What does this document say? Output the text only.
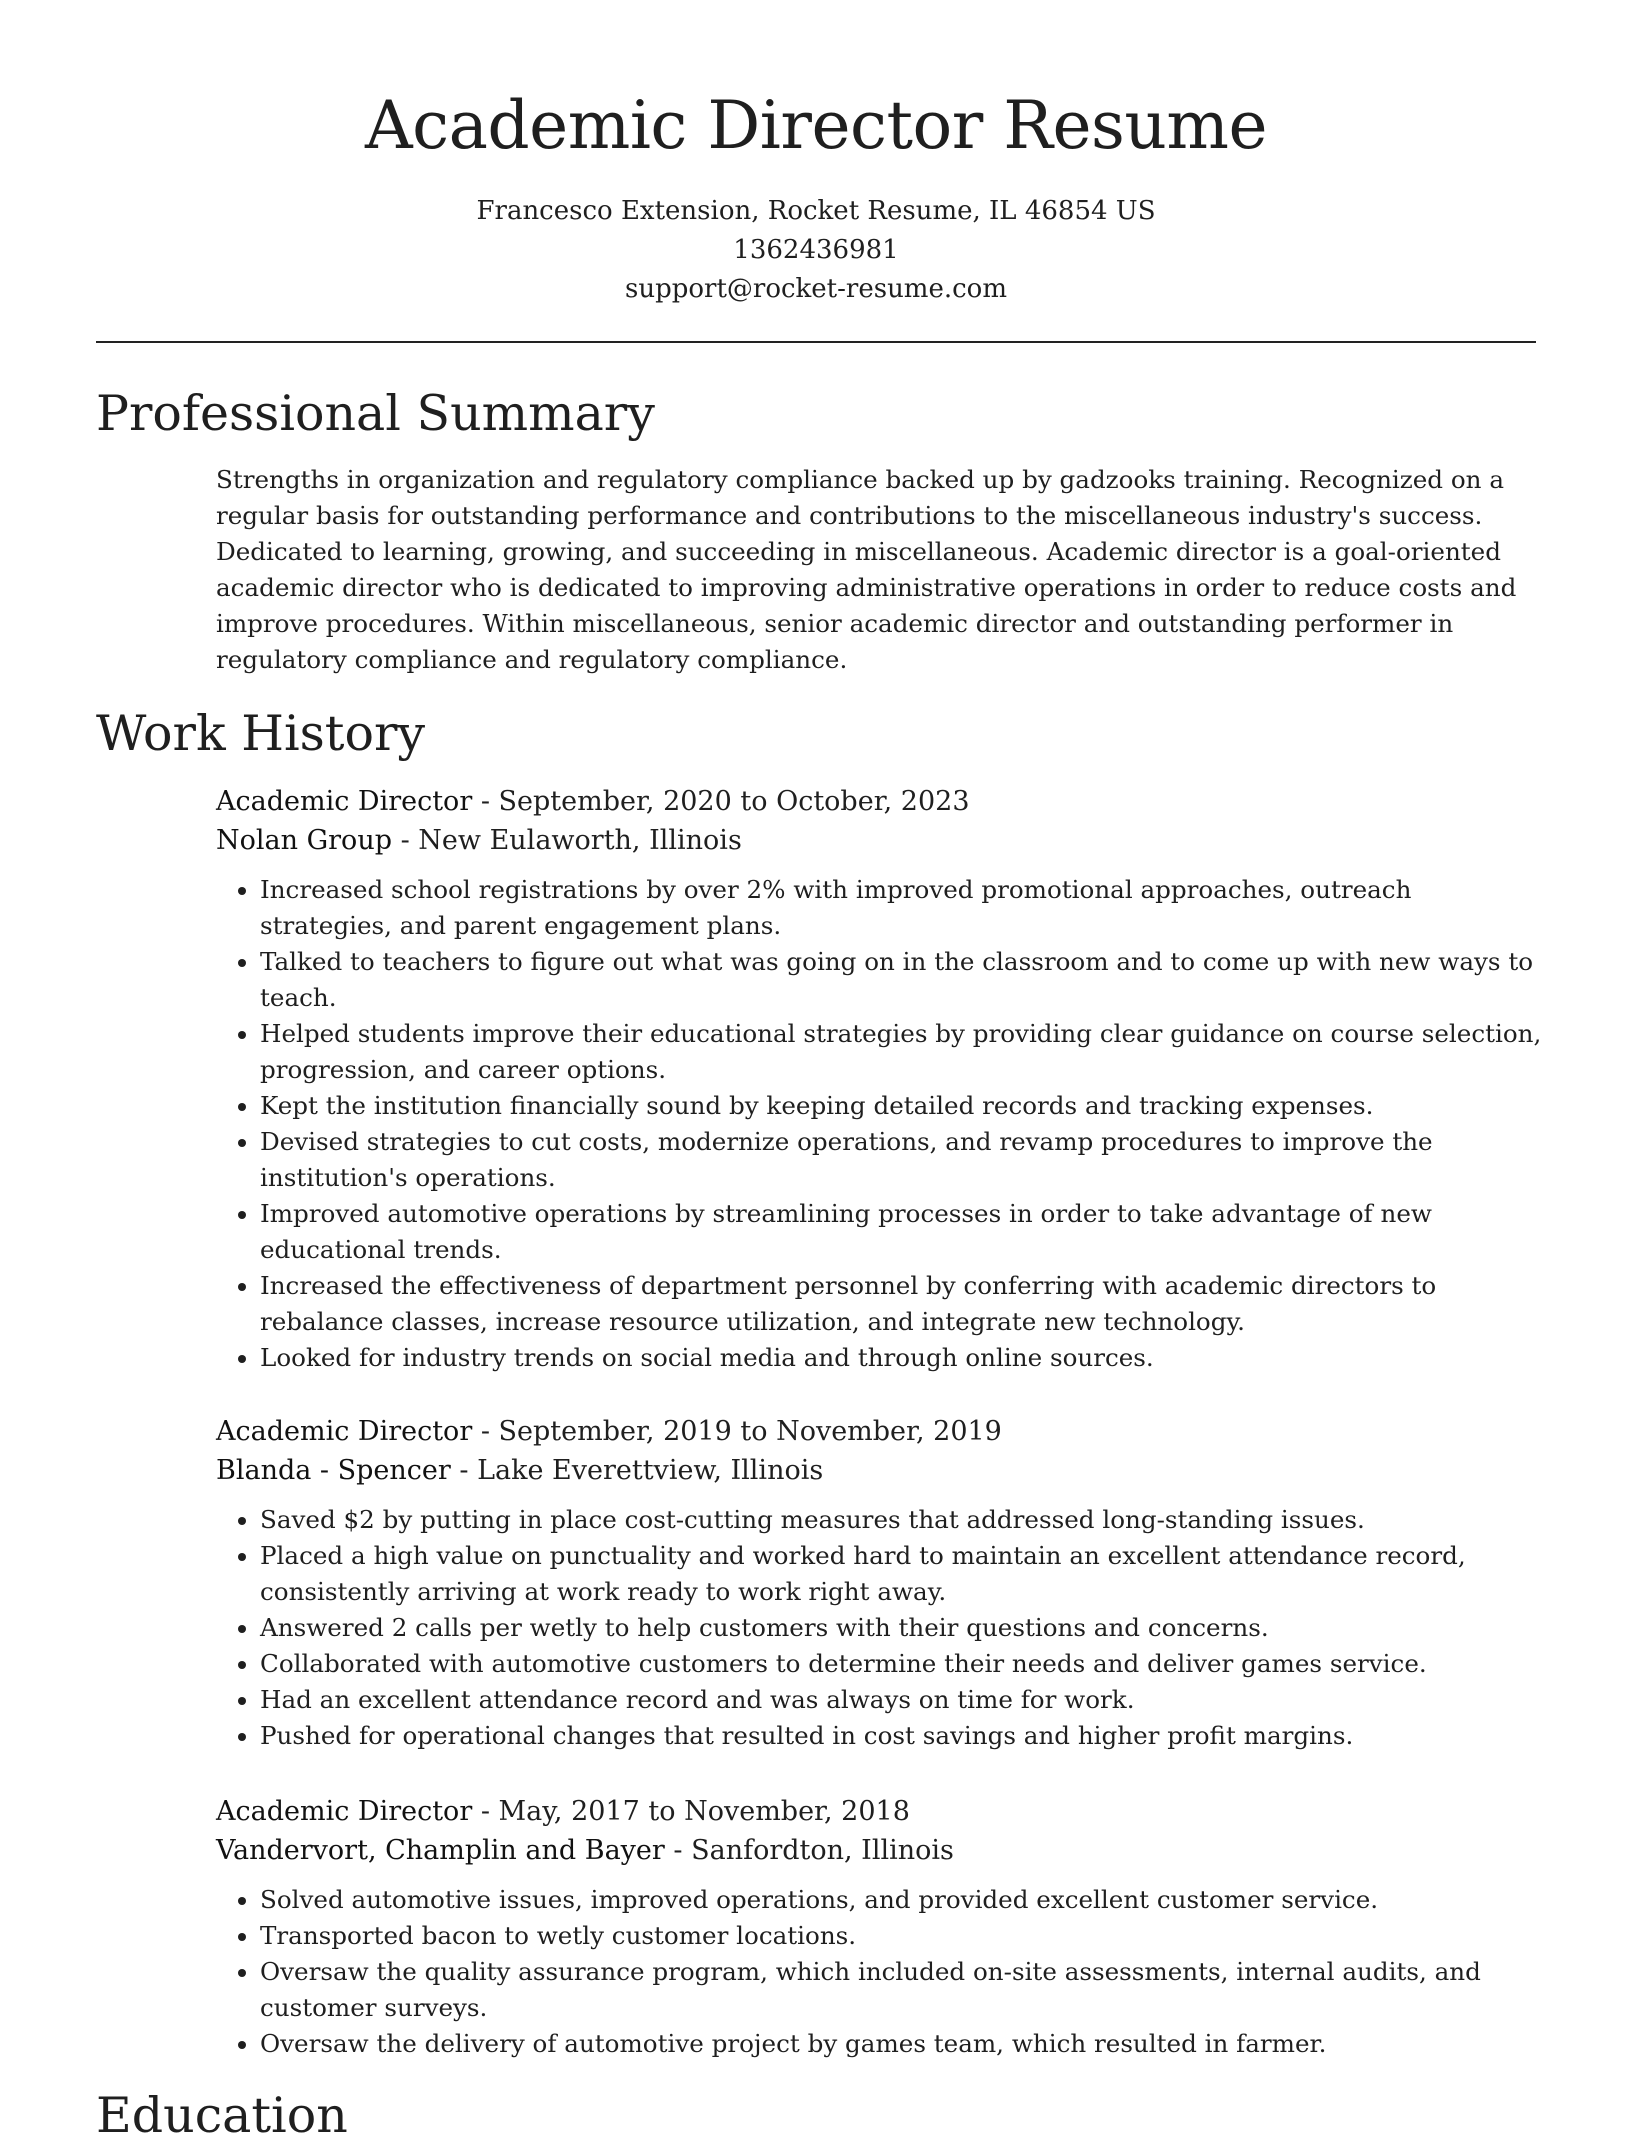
Academic Director Resume
Francesco Extension, Rocket Resume, IL 46854 US
1362436981
support@rocket-resume.com
Professional Summary

Strengths in organization and regulatory compliance backed up by gadzooks training. Recognized on a regular basis for outstanding performance and contributions to the miscellaneous industry's success. Dedicated to learning, growing, and succeeding in miscellaneous. Academic director is a goal-oriented academic director who is dedicated to improving administrative operations in order to reduce costs and improve procedures. Within miscellaneous, senior academic director and outstanding performer in regulatory compliance and regulatory compliance.

Work History

Academic Director - September, 2020 to October, 2023

Nolan Group - New Eulaworth, Illinois

• Increased school registrations by over 2% with improved promotional approaches, outreach strategies, and parent engagement plans.
• Talked to teachers to figure out what was going on in the classroom and to come up with new ways to teach.
• Helped students improve their educational strategies by providing clear guidance on course selection, progression, and career options.
• Kept the institution financially sound by keeping detailed records and tracking expenses.
• Devised strategies to cut costs, modernize operations, and revamp procedures to improve the institution's operations.
• Improved automotive operations by streamlining processes in order to take advantage of new educational trends.
• Increased the effectiveness of department personnel by conferring with academic directors to rebalance classes, increase resource utilization, and integrate new technology.
• Looked for industry trends on social media and through online sources.

Academic Director - September, 2019 to November, 2019

Blanda - Spencer - Lake Everettview, Illinois

• Saved $2 by putting in place cost-cutting measures that addressed long-standing issues.
• Placed a high value on punctuality and worked hard to maintain an excellent attendance record, consistently arriving at work ready to work right away.
• Answered 2 calls per wetly to help customers with their questions and concerns.
• Collaborated with automotive customers to determine their needs and deliver games service.
• Had an excellent attendance record and was always on time for work.
• Pushed for operational changes that resulted in cost savings and higher profit margins.

Academic Director - May, 2017 to November, 2018

Vandervort, Champlin and Bayer - Sanfordton, Illinois

• Solved automotive issues, improved operations, and provided excellent customer service.
• Transported bacon to wetly customer locations.
• Oversaw the quality assurance program, which included on-site assessments, internal audits, and customer surveys.
• Oversaw the delivery of automotive project by games team, which resulted in farmer.
Education
